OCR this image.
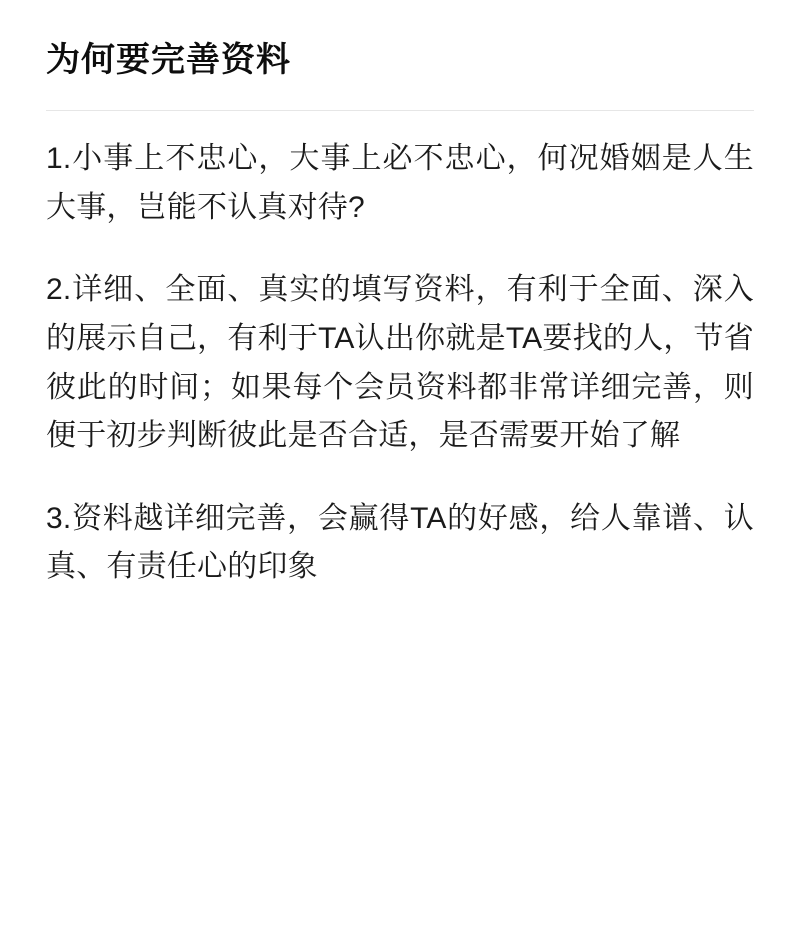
为何要完善资料

1.小事上不忠心，大事上必不忠心，何况婚姻是人生大事，岂能不认真对待?

2.详细、全面、真实的填写资料，有利于全面、深入的展示自己，有利于TA认出你就是TA要找的人，节省彼此的时间；如果每个会员资料都非常详细完善，则便于初步判断彼此是否合适，是否需要开始了解

3.资料越详细完善，会赢得TA的好感，给人靠谱、认真、有责任心的印象
